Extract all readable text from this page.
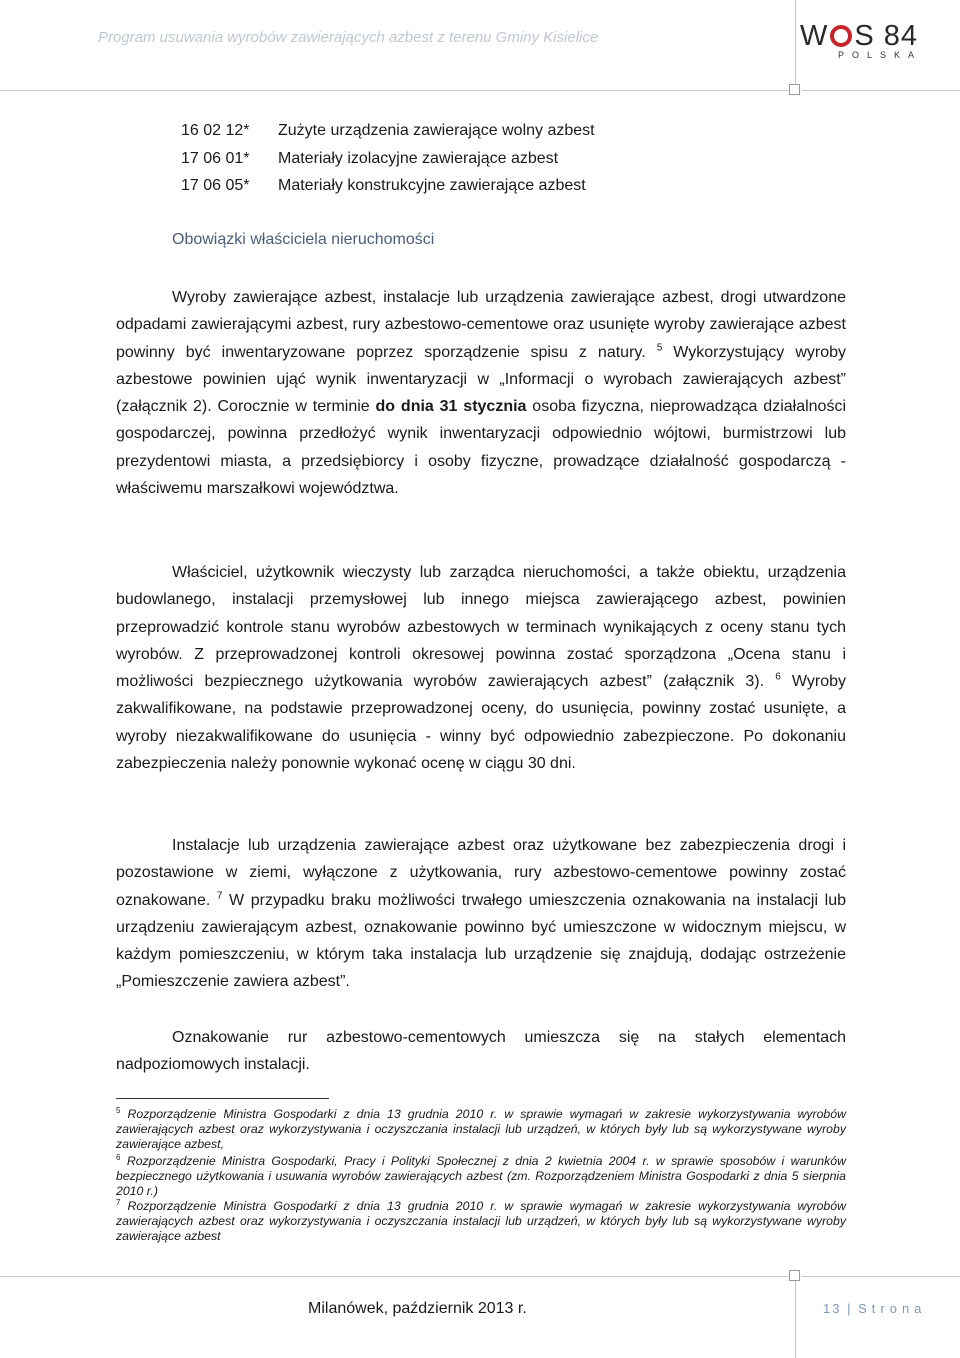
Program usuwania wyrobów zawierających azbest z terenu Gminy Kisielice	W S 84
POLSKA
16 02 12* Zużyte urządzenia zawierające wolny azbest
17 06 01* Materiały izolacyjne zawierające azbest
17 06 05* Materiały konstrukcyjne zawierające azbest
Obowiązki właściciela nieruchomości

Wyroby zawierające azbest, instalacje lub urządzenia zawierające azbest, drogi utwardzone odpadami zawierającymi azbest, rury azbestowo-cementowe oraz usunięte wyroby zawierające azbest powinny być inwentaryzowane poprzez sporządzenie spisu z natury. $^5$ Wykorzystujący wyroby azbestowe powinien ująć wynik inwentaryzacji w „Informacji o wyrobach zawierających azbest” (załącznik 2). Corocznie w terminie do dnia 31 stycznia osoba fizyczna, nieprowadząca działalności gospodarczej, powinna przedłożyć wynik inwentaryzacji odpowiednio wójtowi, burmistrzowi lub prezydentowi miasta, a przedsiębiorcy i osoby fizyczne, prowadzące działalność gospodarczą - właściwemu marszałkowi województwa.

Właściciel, użytkownik wieczysty lub zarządca nieruchomości, a także obiektu, urządzenia budowlanego, instalacji przemysłowej lub innego miejsca zawierającego azbest, powinien przeprowadzić kontrole stanu wyrobów azbestowych w terminach wynikających z oceny stanu tych wyrobów. Z przeprowadzonej kontroli okresowej powinna zostać sporządzona „Ocena stanu i możliwości bezpiecznego użytkowania wyrobów zawierających azbest” (załącznik 3). $^6$ Wyroby zakwalifikowane, na podstawie przeprowadzonej oceny, do usunięcia, powinny zostać usunięte, a wyroby niezakwalifikowane do usunięcia - winny być odpowiednio zabezpieczone. Po dokonaniu zabezpieczenia należy ponownie wykonać ocenę w ciągu 30 dni.

Instalacje lub urządzenia zawierające azbest oraz użytkowane bez zabezpieczenia drogi i pozostawione w ziemi, wyłączone z użytkowania, rury azbestowo-cementowe powinny zostać oznakowane. $^7$ W przypadku braku możliwości trwałego umieszczenia oznakowania na instalacji lub urządzeniu zawierającym azbest, oznakowanie powinno być umieszczone w widocznym miejscu, w każdym pomieszczeniu, w którym taka instalacja lub urządzenie się znajdują, dodając ostrzeżenie „Pomieszczenie zawiera azbest”.

Oznakowanie rur azbestowo-cementowych umieszcza się na stałych elementach nadpoziomowych instalacji.

$^5$ Rozporządzenie Ministra Gospodarki z dnia 13 grudnia 2010 r. w sprawie wymagań w zakresie wykorzystywania wyrobów zawierających azbest oraz wykorzystywania i oczyszczania instalacji lub urządzeń, w których były lub są wykorzystywane wyroby zawierające azbest,

$^6$ Rozporządzenie Ministra Gospodarki, Pracy i Polityki Społecznej z dnia 2 kwietnia 2004 r. w sprawie sposobów i warunków bezpiecznego użytkowania i usuwania wyrobów zawierających azbest (zm. Rozporządzeniem Ministra Gospodarki z dnia 5 sierpnia 2010 r.)

$^7$ Rozporządzenie Ministra Gospodarki z dnia 13 grudnia 2010 r. w sprawie wymagań w zakresie wykorzystywania wyrobów zawierających azbest oraz wykorzystywania i oczyszczania instalacji lub urządzeń, w których były lub są wykorzystywane wyroby zawierające azbest

Milanówek, październik 2013 r.	13 | Strona
